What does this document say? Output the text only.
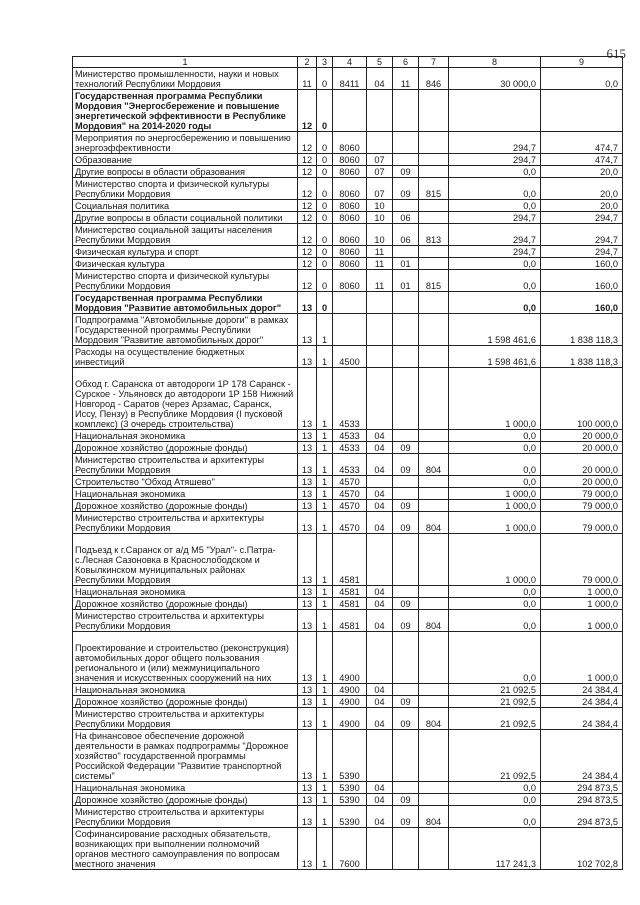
615
1	2	3	4	5	6	7	8	9
Министерство промышленности, науки и новых технологий Республики Мордовия	11	0	8411	04	11	846	30 000,0	0,0
Государственная программа Республики Мордовия "Энергосбережение и повышение энергетической эффективности в Республике Мордовия" на 2014-2020 годы	12	0						
Мероприятия по энергосбережению и повышению энергоэффективности	12	0	8060				294,7	474,7
Образование	12	0	8060	07			294,7	474,7
Другие вопросы в области образования	12	0	8060	07	09		0,0	20,0
Министерство спорта и физической культуры Республики Мордовия	12	0	8060	07	09	815	0,0	20,0
Социальная политика	12	0	8060	10			0,0	20,0
Другие вопросы в области социальной политики	12	0	8060	10	06		294,7	294,7
Министерство социальной защиты населения Республики Мордовия	12	0	8060	10	06	813	294,7	294,7
Физическая культура и спорт	12	0	8060	11			294,7	294,7
Физическая культура	12	0	8060	11	01		0,0	160,0
Министерство спорта и физической культуры Республики Мордовия	12	0	8060	11	01	815	0,0	160,0
Государственная программа Республики Мордовия "Развитие автомобильных дорог"	13	0					0,0	160,0
Подпрограмма "Автомобильные дороги" в рамках Государственной программы Республики Мордовия "Развитие автомобильных дорог"	13	1					1 598 461,6	1 838 118,3
Расходы на осуществление бюджетных инвестиций	13	1	4500				1 598 461,6	1 838 118,3
Обход г. Саранска от автодороги 1Р 178 Саранск - Сурское - Ульяновск до автодороги 1Р 158 Нижний Новгород - Саратов (через Арзамас, Саранск, Иссу, Пензу) в Республике Мордовия (I пусковой комплекс) (3 очередь строительства)	13	1	4533				1 000,0	100 000,0
Национальная экономика	13	1	4533	04			0,0	20 000,0
Дорожное хозяйство (дорожные фонды)	13	1	4533	04	09		0,0	20 000,0
Министерство строительства и архитектуры Республики Мордовия	13	1	4533	04	09	804	0,0	20 000,0
Строительство "Обход Атяшево"	13	1	4570				0,0	20 000,0
Национальная экономика	13	1	4570	04			1 000,0	79 000,0
Дорожное хозяйство (дорожные фонды)	13	1	4570	04	09		1 000,0	79 000,0
Министерство строительства и архитектуры Республики Мордовия	13	1	4570	04	09	804	1 000,0	79 000,0
Подъезд к г.Саранск от а/д М5 "Урал"- с.Патра- с.Лесная Сазоновка в Краснослободском и Ковылкинском муниципальных районах Республики Мордовия	13	1	4581				1 000,0	79 000,0
Национальная экономика	13	1	4581	04			0,0	1 000,0
Дорожное хозяйство (дорожные фонды)	13	1	4581	04	09		0,0	1 000,0
Министерство строительства и архитектуры Республики Мордовия	13	1	4581	04	09	804	0,0	1 000,0
Проектирование и строительство (реконструкция) автомобильных дорог общего пользования регионального и (или) межмуниципального значения и искусственных сооружений на них	13	1	4900				0,0	1 000,0
Национальная экономика	13	1	4900	04			21 092,5	24 384,4
Дорожное хозяйство (дорожные фонды)	13	1	4900	04	09		21 092,5	24 384,4
Министерство строительства и архитектуры Республики Мордовия	13	1	4900	04	09	804	21 092,5	24 384,4
На финансовое обеспечение дорожной деятельности в рамках подпрограммы "Дорожное хозяйство" государственной программы Российской Федерации "Развитие транспортной системы"	13	1	5390				21 092,5	24 384,4
Национальная экономика	13	1	5390	04			0,0	294 873,5
Дорожное хозяйство (дорожные фонды)	13	1	5390	04	09		0,0	294 873,5
Министерство строительства и архитектуры Республики Мордовия	13	1	5390	04	09	804	0,0	294 873,5
Софинансирование расходных обязательств, возникающих при выполнении полномочий органов местного самоуправления по вопросам местного значения	13	1	7600				117 241,3	102 702,8
